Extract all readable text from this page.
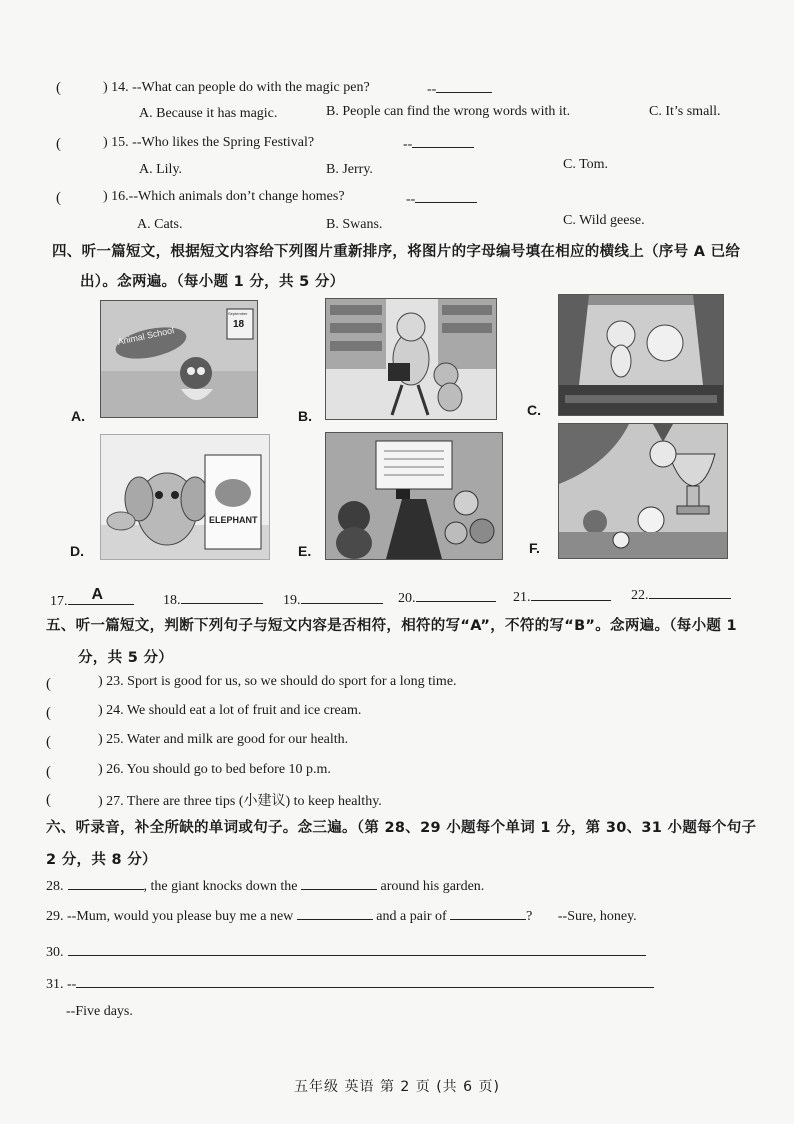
(	) 14. --What can people do with the magic pen?	--
A. Because it has magic.	B. People can find the wrong words with it.	C. It’s small.
(	) 15. --Who likes the Spring Festival?	--
A. Lily.	B. Jerry.	C. Tom.
(	) 16.--Which animals don’t change homes?	--
A. Cats.	B. Swans.	C. Wild geese.
四、听一篇短文，根据短文内容给下列图片重新排序，将图片的字母编号填在相应的横线上（序号 A 已给
出）。念两遍。（每小题 1 分，共 5 分）
A.
Animal School
September
18
B.	C.
D.
ELEPHANT
E.	F.
17. A	18.	19.	20.	21.	22.
五、听一篇短文，判断下列句子与短文内容是否相符，相符的写“A”，不符的写“B”。念两遍。（每小题 1
分，共 5 分）
(	) 23. Sport is good for us, so we should do sport for a long time.
(	) 24. We should eat a lot of fruit and ice cream.
(	) 25. Water and milk are good for our health.
(	) 26. You should go to bed before 10 p.m.
(	) 27. There are three tips (小建议) to keep healthy.
六、听录音，补全所缺的单词或句子。念三遍。（第 28、29 小题每个单词 1 分，第 30、31 小题每个句子
2 分，共 8 分）
28.	, the giant knocks down the	around his garden.
29. --Mum, would you please buy me a new	and a pair of	? --Sure, honey.
30.
31. --
--Five days.
五年级 英语 第 2 页 (共 6 页)
